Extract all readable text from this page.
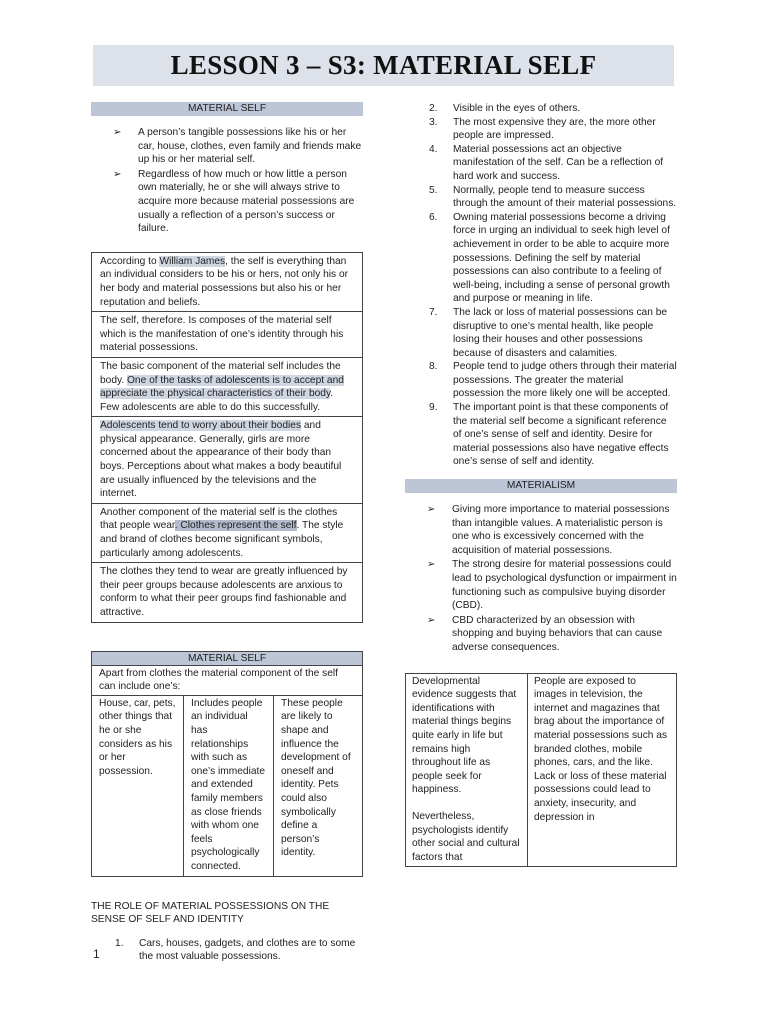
LESSON 3 – S3: MATERIAL SELF
MATERIAL SELF
➢ A person’s tangible possessions like his or her car, house, clothes, even family and friends make up his or her material self.
➢ Regardless of how much or how little a person own materially, he or she will always strive to acquire more because material possessions are usually a reflection of a person’s success or failure.
According to William James, the self is everything than an individual considers to be his or hers, not only his or her body and material possessions but also his or her reputation and beliefs.
The self, therefore. Is composes of the material self which is the manifestation of one’s identity through his material possessions.
The basic component of the material self includes the body. One of the tasks of adolescents is to accept and appreciate the physical characteristics of their body. Few adolescents are able to do this successfully.
Adolescents tend to worry about their bodies and physical appearance. Generally, girls are more concerned about the appearance of their body than boys. Perceptions about what makes a body beautiful are usually influenced by the televisions and the internet.
Another component of the material self is the clothes that people wear. Clothes represent the self. The style and brand of clothes become significant symbols, particularly among adolescents.
The clothes they tend to wear are greatly influenced by their peer groups because adolescents are anxious to conform to what their peer groups find fashionable and attractive.
MATERIAL SELF
Apart from clothes the material component of the self can include one’s:
House, car, pets, other things that he or she considers as his or her possession.
Includes people an individual has relationships with such as one’s immediate and extended family members as close friends with whom one feels psychologically connected.
These people are likely to shape and influence the development of oneself and identity. Pets could also symbolically define a person’s identity.
THE ROLE OF MATERIAL POSSESSIONS ON THE SENSE OF SELF AND IDENTITY
1. Cars, houses, gadgets, and clothes are to some the most valuable possessions.
2. Visible in the eyes of others.
3. The most expensive they are, the more other people are impressed.
4. Material possessions act an objective manifestation of the self. Can be a reflection of hard work and success.
5. Normally, people tend to measure success through the amount of their material possessions.
6. Owning material possessions become a driving force in urging an individual to seek high level of achievement in order to be able to acquire more possessions. Defining the self by material possessions can also contribute to a feeling of well-being, including a sense of personal growth and purpose or meaning in life.
7. The lack or loss of material possessions can be disruptive to one’s mental health, like people losing their houses and other possessions because of disasters and calamities.
8. People tend to judge others through their material possessions. The greater the material possession the more likely one will be accepted.
9. The important point is that these components of the material self become a significant reference of one’s sense of self and identity. Desire for material possessions also have negative effects one’s sense of self and identity.
MATERIALISM
➢ Giving more importance to material possessions than intangible values. A materialistic person is one who is excessively concerned with the acquisition of material possessions.
➢ The strong desire for material possessions could lead to psychological dysfunction or impairment in functioning such as compulsive buying disorder (CBD).
➢ CBD characterized by an obsession with shopping and buying behaviors that can cause adverse consequences.
Developmental evidence suggests that identifications with material things begins quite early in life but remains high throughout life as people seek for happiness.
Nevertheless, psychologists identify other social and cultural factors that
People are exposed to images in television, the internet and magazines that brag about the importance of material possessions such as branded clothes, mobile phones, cars, and the like. Lack or loss of these material possessions could lead to anxiety, insecurity, and depression in
1
